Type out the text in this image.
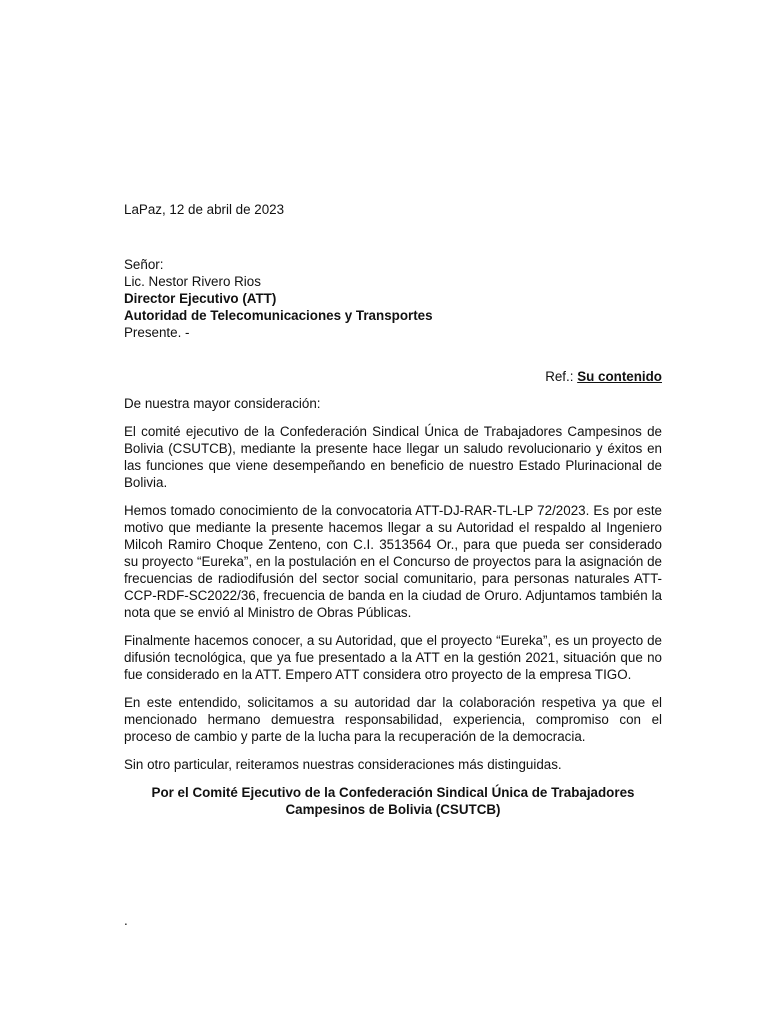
LaPaz, 12 de abril de 2023
Señor:
Lic. Nestor Rivero Rios
Director Ejecutivo (ATT)
Autoridad de Telecomunicaciones y Transportes
Presente. -
Ref.: Su contenido

De nuestra mayor consideración:

El comité ejecutivo de la Confederación Sindical Única de Trabajadores Campesinos de Bolivia (CSUTCB), mediante la presente hace llegar un saludo revolucionario y éxitos en las funciones que viene desempeñando en beneficio de nuestro Estado Plurinacional de Bolivia.

Hemos tomado conocimiento de la convocatoria ATT-DJ-RAR-TL-LP 72/2023. Es por este motivo que mediante la presente hacemos llegar a su Autoridad el respaldo al Ingeniero Milcoh Ramiro Choque Zenteno, con C.I. 3513564 Or., para que pueda ser considerado su proyecto “Eureka”, en la postulación en el Concurso de proyectos para la asignación de frecuencias de radiodifusión del sector social comunitario, para personas naturales ATT-CCP-RDF-SC2022/36, frecuencia de banda en la ciudad de Oruro. Adjuntamos también la nota que se envió al Ministro de Obras Públicas.

Finalmente hacemos conocer, a su Autoridad, que el proyecto “Eureka”, es un proyecto de difusión tecnológica, que ya fue presentado a la ATT en la gestión 2021, situación que no fue considerado en la ATT. Empero ATT considera otro proyecto de la empresa TIGO.

En este entendido, solicitamos a su autoridad dar la colaboración respetiva ya que el mencionado hermano demuestra responsabilidad, experiencia, compromiso con el proceso de cambio y parte de la lucha para la recuperación de la democracia.

Sin otro particular, reiteramos nuestras consideraciones más distinguidas.

Por el Comité Ejecutivo de la Confederación Sindical Única de Trabajadores Campesinos de Bolivia (CSUTCB)
.
